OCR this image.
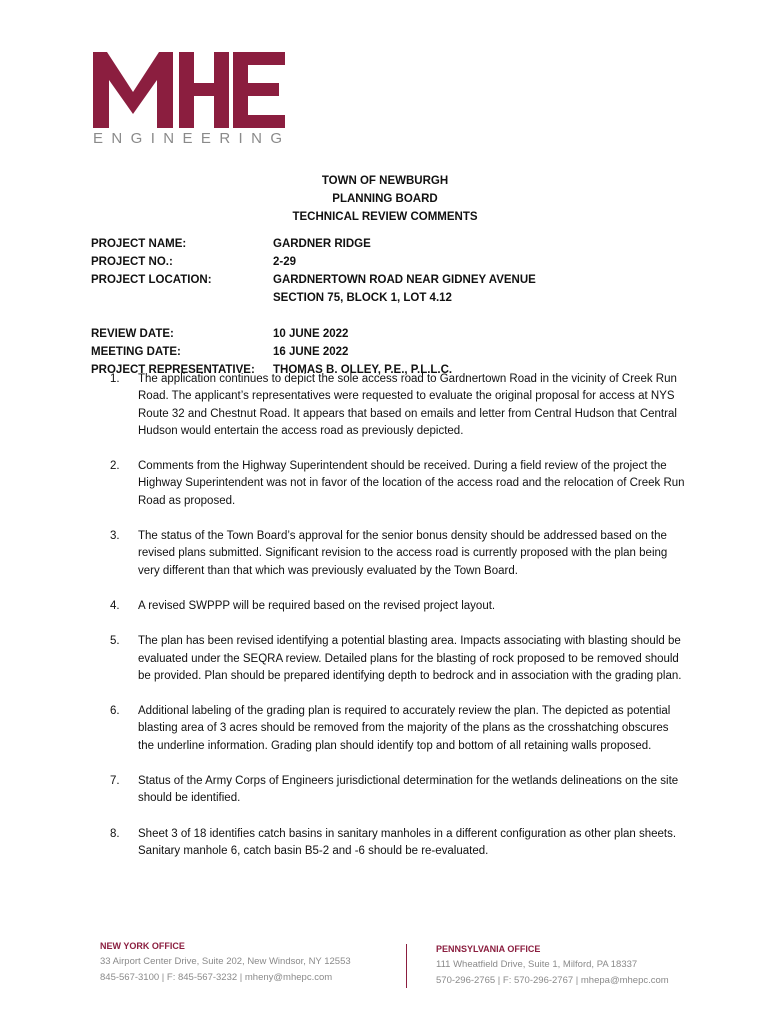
ENGINEERING
TOWN OF NEWBURGH
PLANNING BOARD
TECHNICAL REVIEW COMMENTS
PROJECT NAME:	GARDNER RIDGE
PROJECT NO.:	2-29
PROJECT LOCATION:	GARDNERTOWN ROAD NEAR GIDNEY AVENUE
SECTION 75, BLOCK 1, LOT 4.12
REVIEW DATE:	10 JUNE 2022
MEETING DATE:	16 JUNE 2022
PROJECT REPRESENTATIVE:	THOMAS B. OLLEY, P.E., P.L.L.C.
1.	The application continues to depict the sole access road to Gardnertown Road in the vicinity of Creek Run Road. The applicant’s representatives were requested to evaluate the original proposal for access at NYS Route 32 and Chestnut Road. It appears that based on emails and letter from Central Hudson that Central Hudson would entertain the access road as previously depicted.
2.	Comments from the Highway Superintendent should be received. During a field review of the project the Highway Superintendent was not in favor of the location of the access road and the relocation of Creek Run Road as proposed.
3.	The status of the Town Board’s approval for the senior bonus density should be addressed based on the revised plans submitted. Significant revision to the access road is currently proposed with the plan being very different than that which was previously evaluated by the Town Board.
4.	A revised SWPPP will be required based on the revised project layout.
5.	The plan has been revised identifying a potential blasting area. Impacts associating with blasting should be evaluated under the SEQRA review. Detailed plans for the blasting of rock proposed to be removed should be provided. Plan should be prepared identifying depth to bedrock and in association with the grading plan.
6.	Additional labeling of the grading plan is required to accurately review the plan. The depicted as potential blasting area of 3 acres should be removed from the majority of the plans as the crosshatching obscures the underline information. Grading plan should identify top and bottom of all retaining walls proposed.
7.	Status of the Army Corps of Engineers jurisdictional determination for the wetlands delineations on the site should be identified.
8.	Sheet 3 of 18 identifies catch basins in sanitary manholes in a different configuration as other plan sheets. Sanitary manhole 6, catch basin B5-2 and -6 should be re-evaluated.
NEW YORK OFFICE
33 Airport Center Drive, Suite 202, New Windsor, NY 12553
845-567-3100 | F: 845-567-3232 | mheny@mhepc.com
PENNSYLVANIA OFFICE
111 Wheatfield Drive, Suite 1, Milford, PA 18337
570-296-2765 | F: 570-296-2767 | mhepa@mhepc.com
